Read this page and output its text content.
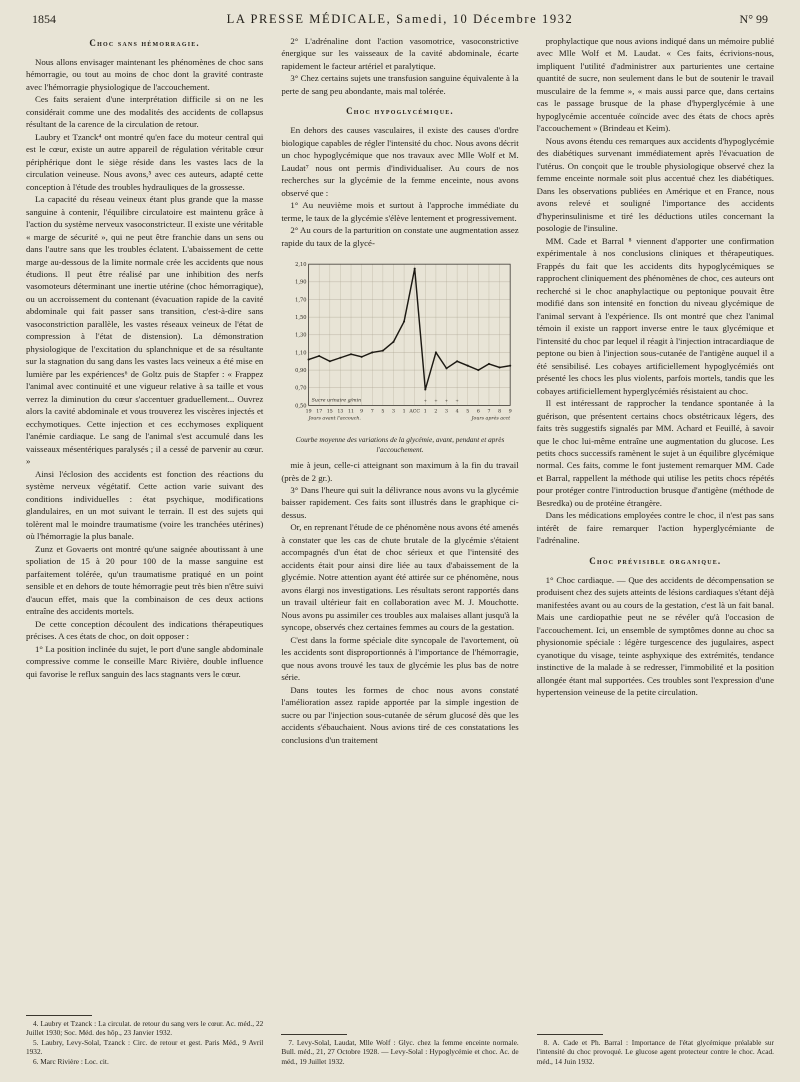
1854	LA PRESSE MÉDICALE, Samedi, 10 Décembre 1932	N° 99
Choc sans hémorragie.

Nous allons envisager maintenant les phénomènes de choc sans hémorragie, ou tout au moins de choc dont la gravité contraste avec l'hémorragie physiologique de l'accouchement.

Ces faits seraient d'une interprétation difficile si on ne les considérait comme une des modalités des accidents de collapsus résultant de la carence de la circulation de retour.

Laubry et Tzanck⁴ ont montré qu'en face du moteur central qui est le cœur, existe un autre appareil de régulation véritable cœur périphérique dont le siège réside dans les vastes lacs de la circulation veineuse. Nous avons,⁵ avec ces auteurs, adapté cette conception à l'étude des troubles hydrauliques de la grossesse.

La capacité du réseau veineux étant plus grande que la masse sanguine à contenir, l'équilibre circulatoire est maintenu grâce à l'action du système nerveux vasoconstricteur. Il existe une véritable « marge de sécurité », qui ne peut être franchie dans un sens ou dans l'autre sans que les troubles éclatent. L'abaissement de cette marge au-dessous de la limite normale crée les accidents que nous étudions. Il peut être réalisé par une inhibition des nerfs vasomoteurs déterminant une inertie utérine (choc hémorragique), ou un accroissement du contenant (évacuation rapide de la cavité abdominale qui fait passer sans transition, c'est-à-dire sans vasoconstriction parallèle, les vastes réseaux veineux de l'état de compression à l'état de distension). La démonstration physiologique de l'excitation du splanchnique et de sa résultante sur la stagnation du sang dans les vastes lacs veineux a été mise en lumière par les expériences⁶ de Goltz puis de Stapfer : « Frappez l'animal avec continuité et une vigueur relative à sa taille et vous verrez la diminution du cœur s'accentuer graduellement... Ouvrez alors la cavité abdominale et vous trouverez les viscères injectés et ecchymotiques. Cette injection et ces ecchymoses expliquent l'anémie cardiaque. Le sang de l'animal s'est accumulé dans les vaisseaux mésentériques paralysés ; il a cessé de parvenir au cœur. »

Ainsi l'éclosion des accidents est fonction des réactions du système nerveux végétatif. Cette action varie suivant des conditions individuelles : état psychique, modifications glandulaires, en un mot suivant le terrain. Il est des sujets qui tolèrent mal le moindre traumatisme (voire les tranchées utérines) où l'hémorragie la plus banale.

Zunz et Govaerts ont montré qu'une saignée aboutissant à une spoliation de 15 à 20 pour 100 de la masse sanguine est parfaitement tolérée, qu'un traumatisme pratiqué en un point sensible et en dehors de toute hémorragie peut très bien n'être suivi d'aucun effet, mais que la combinaison de ces deux actions entraîne des accidents mortels.

De cette conception découlent des indications thérapeutiques précises. A ces états de choc, on doit opposer :

1° La position inclinée du sujet, le port d'une sangle abdominale compressive comme le conseille Marc Rivière, double influence qui favorise le reflux sanguin des lacs stagnants vers le cœur.

4. Laubry et Tzanck : La circulat. de retour du sang vers le cœur. Ac. méd., 22 Juillet 1930; Soc. Méd. des hôp., 23 Janvier 1932.

5. Laubry, Levy-Solal, Tzanck : Circ. de retour et gest. Paris Méd., 9 Avril 1932.

6. Marc Rivière : Loc. cit.

2° L'adrénaline dont l'action vasomotrice, vasoconstrictive énergique sur les vaisseaux de la cavité abdominale, écarte rapidement le facteur artériel et paralytique.

3° Chez certains sujets une transfusion sanguine équivalente à la perte de sang peu abondante, mais mal tolérée.

Choc hypoglycémique.

En dehors des causes vasculaires, il existe des causes d'ordre biologique capables de régler l'intensité du choc. Nous avons décrit un choc hypoglycémique que nos travaux avec Mlle Wolf et M. Laudat⁷ nous ont permis d'individualiser. Au cours de nos recherches sur la glycémie de la femme enceinte, nous avons observé que :

1° Au neuvième mois et surtout à l'approche immédiate du terme, le taux de la glycémie s'élève lentement et progressivement.

2° Au cours de la parturition on constate une augmentation assez rapide du taux de la glycé-

19 17 15 13 11 9 7 5 3 1 ACC 1 2 3 4 5 6 7 8 9
2,10
1,90
1,70
1,50
1,30
1,10
0,90
0,70
0,50
+ + + +
Sucre urinaire g/min
Jours avant l'accouch.	Jours après acct
Courbe moyenne des variations de la glycémie, avant, pendant et après l'accouchement.

mie à jeun, celle-ci atteignant son maximum à la fin du travail (près de 2 gr.).

3° Dans l'heure qui suit la délivrance nous avons vu la glycémie baisser rapidement. Ces faits sont illustrés dans le graphique ci-dessus.

Or, en reprenant l'étude de ce phénomène nous avons été amenés à constater que les cas de chute brutale de la glycémie s'étaient accompagnés d'un état de choc sérieux et que l'intensité des accidents était pour ainsi dire liée au taux d'abaissement de la glycémie. Notre attention ayant été attirée sur ce phénomène, nous avons élargi nos investigations. Les résultats seront rapportés dans un travail ultérieur fait en collaboration avec M. J. Mouchotte. Nous avons pu assimiler ces troubles aux malaises allant jusqu'à la syncope, observés chez certaines femmes au cours de la gestation.

C'est dans la forme spéciale dite syncopale de l'avortement, où les accidents sont disproportionnés à l'importance de l'hémorragie, que nous avons trouvé les taux de glycémie les plus bas de notre série.

Dans toutes les formes de choc nous avons constaté l'amélioration assez rapide apportée par la simple ingestion de sucre ou par l'injection sous-cutanée de sérum glucosé dès que les accidents s'ébauchaient. Nous avions tiré de ces constatations les conclusions d'un traitement

7. Levy-Solal, Laudat, Mlle Wolf : Glyc. chez la femme enceinte normale. Bull. méd., 21, 27 Octobre 1928. — Levy-Solal : Hypoglycémie et choc. Ac. de méd., 19 Juillet 1932.

prophylactique que nous avions indiqué dans un mémoire publié avec Mlle Wolf et M. Laudat. « Ces faits, écrivions-nous, impliquent l'utilité d'administrer aux parturientes une certaine quantité de sucre, non seulement dans le but de soutenir le travail musculaire de la femme », « mais aussi parce que, dans certains cas le passage brusque de la phase d'hyperglycémie à une hypoglycémie accentuée coïncide avec des états de chocs après l'accouchement » (Brindeau et Keim).

Nous avons étendu ces remarques aux accidents d'hypoglycémie des diabétiques survenant immédiatement après l'évacuation de l'utérus. On conçoit que le trouble physiologique observé chez la femme enceinte normale soit plus accentué chez les diabétiques. Dans les observations publiées en Amérique et en France, nous avons relevé et souligné l'importance des accidents d'hyperinsulinisme et tiré les déductions utiles concernant la posologie de l'insuline.

MM. Cade et Barral ⁸ viennent d'apporter une confirmation expérimentale à nos conclusions cliniques et thérapeutiques. Frappés du fait que les accidents dits hypoglycémiques se rapprochent cliniquement des phénomènes de choc, ces auteurs ont recherché si le choc anaphylactique ou peptonique pouvait être modifié dans son intensité en fonction du niveau glycémique de l'animal servant à l'expérience. Ils ont montré que chez l'animal témoin il existe un rapport inverse entre le taux glycémique et l'intensité du choc par lequel il réagit à l'injection intracardiaque de peptone ou bien à l'injection sous-cutanée de l'antigène auquel il a été sensibilisé. Les cobayes artificiellement hypoglycémiés ont présenté les chocs les plus violents, parfois mortels, tandis que les cobayes artificiellement hyperglycémiés résistaient au choc.

Il est intéressant de rapprocher la tendance spontanée à la guérison, que présentent certains chocs obstétricaux légers, des faits très suggestifs signalés par MM. Achard et Feuillé, à savoir que le choc lui-même entraîne une augmentation du glucose. Les petits chocs successifs ramènent le sujet à un équilibre glycémique normal. Ces faits, comme le font justement remarquer MM. Cade et Barral, rappellent la méthode qui utilise les petits chocs répétés pour protéger contre l'introduction brusque d'antigène (méthode de Besredka) ou de protéine étrangère.

Dans les médications employées contre le choc, il n'est pas sans intérêt de faire remarquer l'action hyperglycémiante de l'adrénaline.

Choc prévisible organique.

1° Choc cardiaque. — Que des accidents de décompensation se produisent chez des sujets atteints de lésions cardiaques s'étant déjà manifestées avant ou au cours de la gestation, c'est là un fait banal. Mais une cardiopathie peut ne se révéler qu'à l'occasion de l'accouchement. Ici, un ensemble de symptômes donne au choc sa physionomie spéciale : légère turgescence des jugulaires, aspect cyanotique du visage, teinte asphyxique des extrémités, tendance instinctive de la malade à se redresser, l'immobilité et la position allongée étant mal supportées. Ces troubles sont l'expression d'une hypertension veineuse de la petite circulation.

8. A. Cade et Ph. Barral : Importance de l'état glycémique préalable sur l'intensité du choc provoqué. Le glucose agent protecteur contre le choc. Acad. méd., 14 Juin 1932.
